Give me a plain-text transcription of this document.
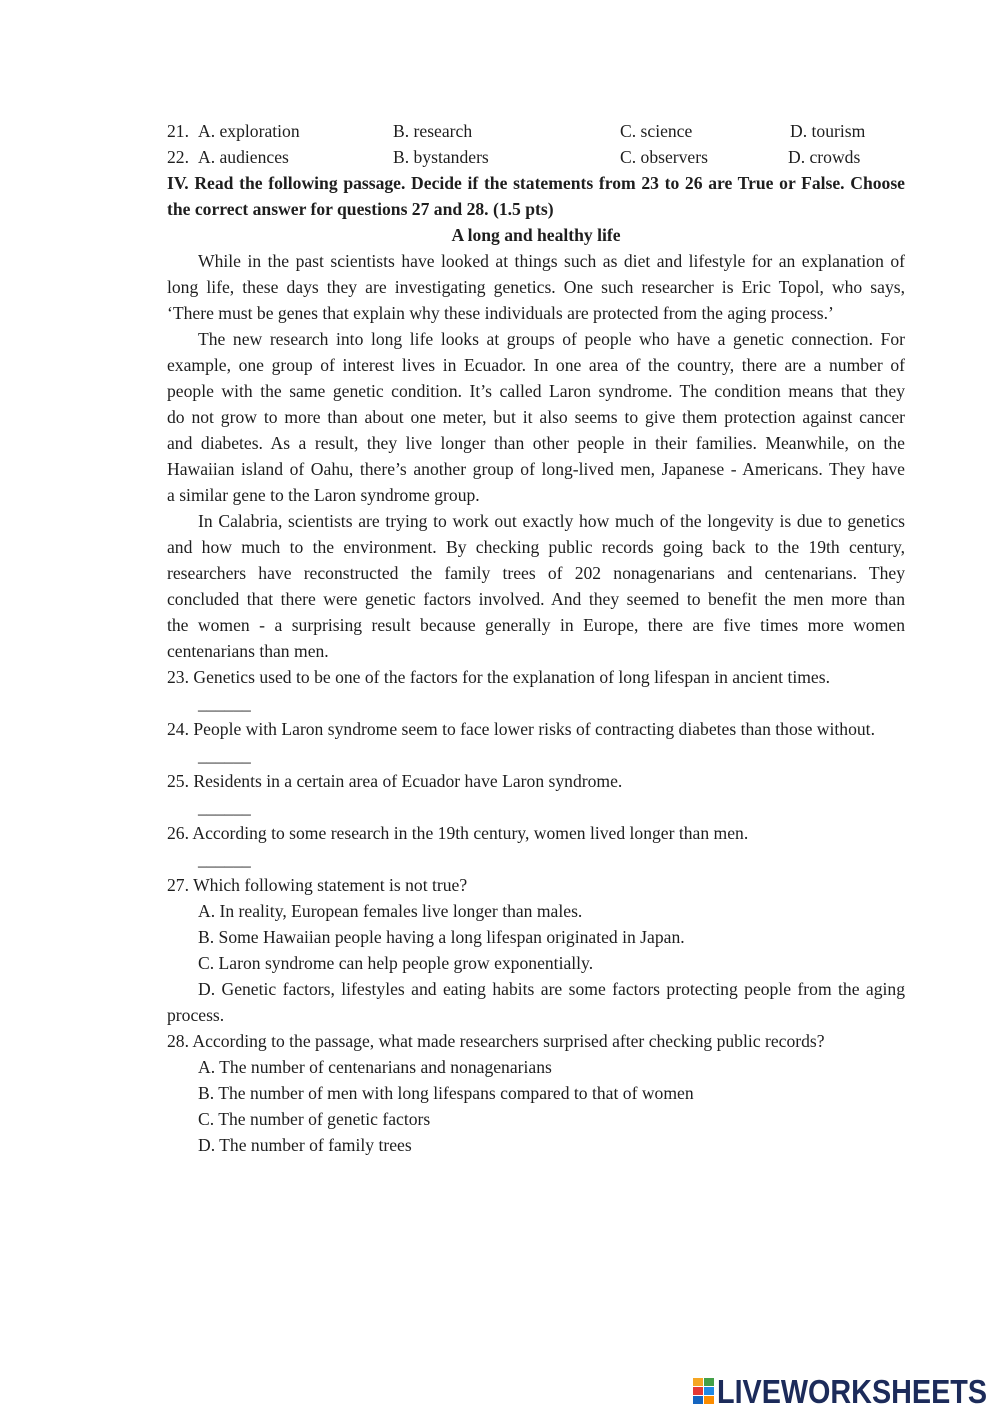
21. A. exploration	B. research	C. science	D. tourism
22. A. audiences	B. bystanders	C. observers	D. crowds
IV. Read the following passage. Decide if the statements from 23 to 26 are True or False. Choose
the correct answer for questions 27 and 28. (1.5 pts)
A long and healthy life
While in the past scientists have looked at things such as diet and lifestyle for an explanation of
long life, these days they are investigating genetics. One such researcher is Eric Topol, who says,
‘There must be genes that explain why these individuals are protected from the aging process.’
The new research into long life looks at groups of people who have a genetic connection. For
example, one group of interest lives in Ecuador. In one area of the country, there are a number of
people with the same genetic condition. It’s called Laron syndrome. The condition means that they
do not grow to more than about one meter, but it also seems to give them protection against cancer
and diabetes. As a result, they live longer than other people in their families. Meanwhile, on the
Hawaiian island of Oahu, there’s another group of long-lived men, Japanese - Americans. They have
a similar gene to the Laron syndrome group.
In Calabria, scientists are trying to work out exactly how much of the longevity is due to genetics
and how much to the environment. By checking public records going back to the 19th century,
researchers have reconstructed the family trees of 202 nonagenarians and centenarians. They
concluded that there were genetic factors involved. And they seemed to benefit the men more than
the women - a surprising result because generally in Europe, there are five times more women
centenarians than men.
23. Genetics used to be one of the factors for the explanation of long lifespan in ancient times.
______
24. People with Laron syndrome seem to face lower risks of contracting diabetes than those without.
______
25. Residents in a certain area of Ecuador have Laron syndrome.
______
26. According to some research in the 19th century, women lived longer than men.
______
27. Which following statement is not true?
A. In reality, European females live longer than males.
B. Some Hawaiian people having a long lifespan originated in Japan.
C. Laron syndrome can help people grow exponentially.
D. Genetic factors, lifestyles and eating habits are some factors protecting people from the aging
process.
28. According to the passage, what made researchers surprised after checking public records?
A. The number of centenarians and nonagenarians
B. The number of men with long lifespans compared to that of women
C. The number of genetic factors
D. The number of family trees
LIVEWORKSHEETS
